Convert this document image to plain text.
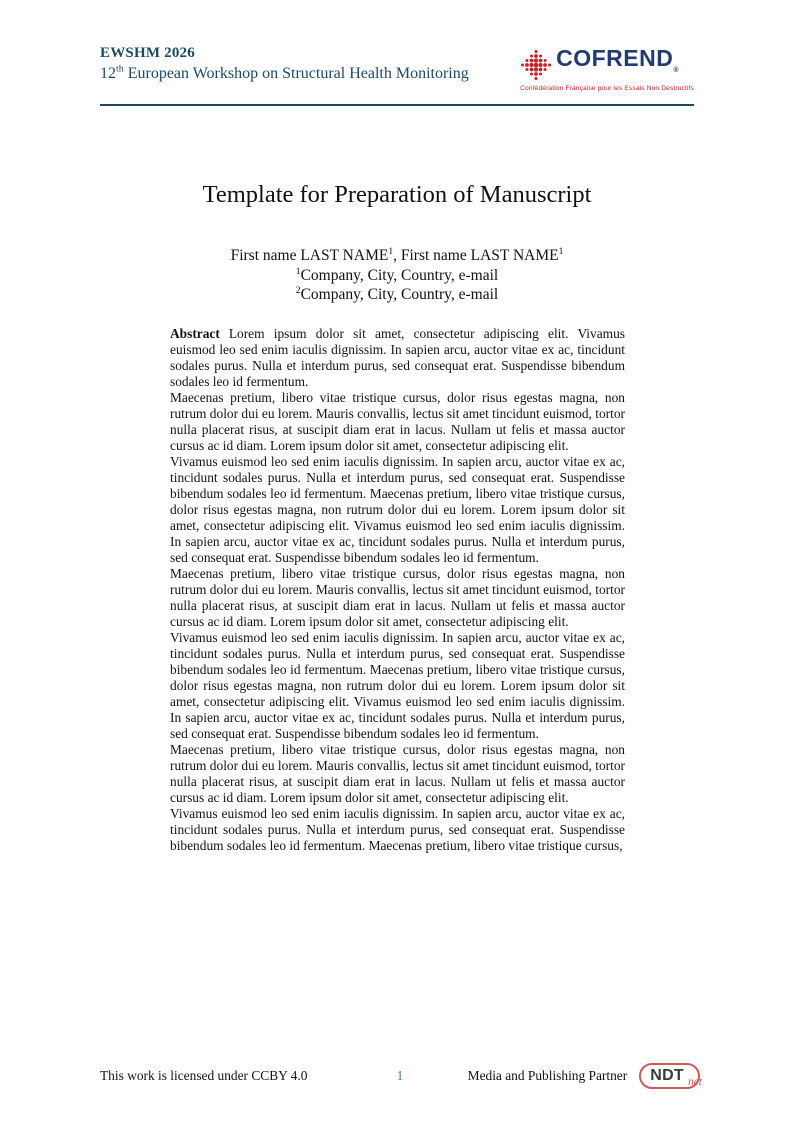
EWSHM 2026
12th European Workshop on Structural Health Monitoring
$COFREND_®$
Confédération Française pour les Essais Non Destructifs
Template for Preparation of Manuscript
First name LAST NAME$^1$, First name LAST NAME$^1$
$^1$Company, City, Country, e-mail
$^2$Company, City, Country, e-mail

Abstract Lorem ipsum dolor sit amet, consectetur adipiscing elit. Vivamus euismod leo sed enim iaculis dignissim. In sapien arcu, auctor vitae ex ac, tincidunt sodales purus. Nulla et interdum purus, sed consequat erat. Suspendisse bibendum sodales leo id fermentum.

Maecenas pretium, libero vitae tristique cursus, dolor risus egestas magna, non rutrum dolor dui eu lorem. Mauris convallis, lectus sit amet tincidunt euismod, tortor nulla placerat risus, at suscipit diam erat in lacus. Nullam ut felis et massa auctor cursus ac id diam. Lorem ipsum dolor sit amet, consectetur adipiscing elit.

Vivamus euismod leo sed enim iaculis dignissim. In sapien arcu, auctor vitae ex ac, tincidunt sodales purus. Nulla et interdum purus, sed consequat erat. Suspendisse bibendum sodales leo id fermentum. Maecenas pretium, libero vitae tristique cursus, dolor risus egestas magna, non rutrum dolor dui eu lorem. Lorem ipsum dolor sit amet, consectetur adipiscing elit. Vivamus euismod leo sed enim iaculis dignissim. In sapien arcu, auctor vitae ex ac, tincidunt sodales purus. Nulla et interdum purus, sed consequat erat. Suspendisse bibendum sodales leo id fermentum.

Maecenas pretium, libero vitae tristique cursus, dolor risus egestas magna, non rutrum dolor dui eu lorem. Mauris convallis, lectus sit amet tincidunt euismod, tortor nulla placerat risus, at suscipit diam erat in lacus. Nullam ut felis et massa auctor cursus ac id diam. Lorem ipsum dolor sit amet, consectetur adipiscing elit.

Vivamus euismod leo sed enim iaculis dignissim. In sapien arcu, auctor vitae ex ac, tincidunt sodales purus. Nulla et interdum purus, sed consequat erat. Suspendisse bibendum sodales leo id fermentum. Maecenas pretium, libero vitae tristique cursus, dolor risus egestas magna, non rutrum dolor dui eu lorem. Lorem ipsum dolor sit amet, consectetur adipiscing elit. Vivamus euismod leo sed enim iaculis dignissim. In sapien arcu, auctor vitae ex ac, tincidunt sodales purus. Nulla et interdum purus, sed consequat erat. Suspendisse bibendum sodales leo id fermentum.

Maecenas pretium, libero vitae tristique cursus, dolor risus egestas magna, non rutrum dolor dui eu lorem. Mauris convallis, lectus sit amet tincidunt euismod, tortor nulla placerat risus, at suscipit diam erat in lacus. Nullam ut felis et massa auctor cursus ac id diam. Lorem ipsum dolor sit amet, consectetur adipiscing elit.

Vivamus euismod leo sed enim iaculis dignissim. In sapien arcu, auctor vitae ex ac, tincidunt sodales purus. Nulla et interdum purus, sed consequat erat. Suspendisse bibendum sodales leo id fermentum. Maecenas pretium, libero vitae tristique cursus,

This work is licensed under CCBY 4.0	1	Media and Publishing Partner NDT net
